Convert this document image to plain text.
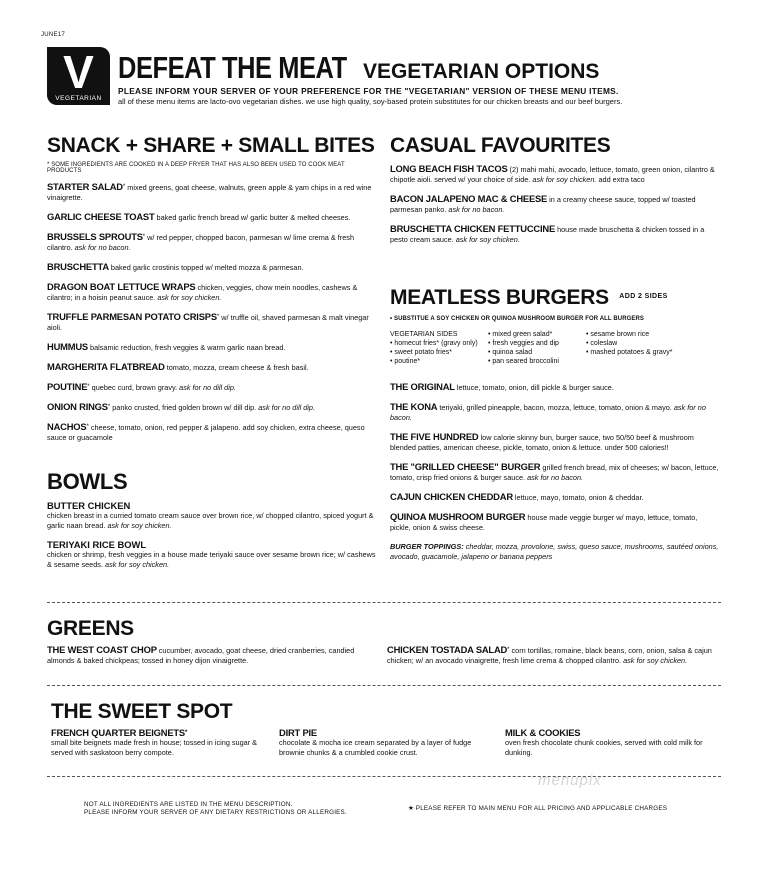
JUNE17
V
VEGETARIAN
DEFEAT THE MEAT VEGETARIAN OPTIONS
PLEASE INFORM YOUR SERVER OF YOUR PREFERENCE FOR THE "VEGETARIAN" VERSION OF THESE MENU ITEMS.
all of these menu items are lacto-ovo vegetarian dishes. we use high quality, soy-based protein substitutes for our chicken breasts and our beef burgers.
SNACK + SHARE + SMALL BITES
* SOME INGREDIENTS ARE COOKED IN A DEEP FRYER THAT HAS ALSO BEEN USED TO COOK MEAT PRODUCTS
STARTER SALAD* mixed greens, goat cheese, walnuts, green apple & yam chips in a red wine vinaigrette.
GARLIC CHEESE TOAST baked garlic french bread w/ garlic butter & melted cheeses.
BRUSSELS SPROUTS* w/ red pepper, chopped bacon, parmesan w/ lime crema & fresh cilantro. ask for no bacon.
BRUSCHETTA baked garlic crostinis topped w/ melted mozza & parmesan.
DRAGON BOAT LETTUCE WRAPS chicken, veggies, chow mein noodles, cashews & cilantro; in a hoisin peanut sauce. ask for soy chicken.
TRUFFLE PARMESAN POTATO CRISPS* w/ truffle oil, shaved parmesan & malt vinegar aioli.
HUMMUS balsamic reduction, fresh veggies & warm garlic naan bread.
MARGHERITA FLATBREAD tomato, mozza, cream cheese & fresh basil.
POUTINE* quebec curd, brown gravy. ask for no dill dip.
ONION RINGS* panko crusted, fried golden brown w/ dill dip. ask for no dill dip.
NACHOS* cheese, tomato, onion, red pepper & jalapeno. add soy chicken, extra cheese, queso sauce or guacamole
BOWLS
BUTTER CHICKEN
chicken breast in a curried tomato cream sauce over brown rice, w/ chopped cilantro, spiced yogurt & garlic naan bread. ask for soy chicken.
TERIYAKI RICE BOWL
chicken or shrimp, fresh veggies in a house made teriyaki sauce over sesame brown rice; w/ cashews & sesame seeds. ask for soy chicken.
CASUAL FAVOURITES
LONG BEACH FISH TACOS (2) mahi mahi, avocado, lettuce, tomato, green onion, cilantro & chipotle aioli. served w/ your choice of side. ask for soy chicken. add extra taco
BACON JALAPENO MAC & CHEESE in a creamy cheese sauce, topped w/ toasted parmesan panko. ask for no bacon.
BRUSCHETTA CHICKEN FETTUCCINE house made bruschetta & chicken tossed in a pesto cream sauce. ask for soy chicken.
MEATLESS BURGERS $^{ADD 2 SIDES}$
• SUBSTITUE A SOY CHICKEN OR QUINOA MUSHROOM BURGER FOR ALL BURGERS
VEGETARIAN SIDES
• homecut fries* (gravy only)
• sweet potato fries*
• poutine*
• mixed green salad*
• fresh veggies and dip
• quinoa salad
• pan seared broccolini
• sesame brown rice
• coleslaw
• mashed potatoes & gravy*
THE ORIGINAL lettuce, tomato, onion, dill pickle & burger sauce.
THE KONA teriyaki, grilled pineapple, bacon, mozza, lettuce, tomato, onion & mayo. ask for no bacon.
THE FIVE HUNDRED low calorie skinny bun, burger sauce, two 50/50 beef & mushroom blended patties, american cheese, pickle, tomato, onion & lettuce. under 500 calories!!
THE "GRILLED CHEESE" BURGER grilled french bread, mix of cheeses; w/ bacon, lettuce, tomato, crisp fried onions & burger sauce. ask for no bacon.
CAJUN CHICKEN CHEDDAR lettuce, mayo, tomato, onion & cheddar.
QUINOA MUSHROOM BURGER house made veggie burger w/ mayo, lettuce, tomato, pickle, onion & swiss cheese.
BURGER TOPPINGS: cheddar, mozza, provolone, swiss, queso sauce, mushrooms, sautéed onions, avocado, guacamole, jalapeno or banana peppers
GREENS
THE WEST COAST CHOP cucumber, avocado, goat cheese, dried cranberries, candied almonds & baked chickpeas; tossed in honey dijon vinaigrette.
CHICKEN TOSTADA SALAD* corn tortillas, romaine, black beans, corn, onion, salsa & cajun chicken; w/ an avocado vinaigrette, fresh lime crema & chopped cilantro. ask for soy chicken.
THE SWEET SPOT
FRENCH QUARTER BEIGNETS*
small bite beignets made fresh in house; tossed in icing sugar & served with saskatoon berry compote.
DIRT PIE
chocolate & mocha ice cream separated by a layer of fudge brownie chunks & a crumbled cookie crust.
MILK & COOKIES
oven fresh chocolate chunk cookies, served with cold milk for dunking.
menupix
NOT ALL INGREDIENTS ARE LISTED IN THE MENU DESCRIPTION.
PLEASE INFORM YOUR SERVER OF ANY DIETARY RESTRICTIONS OR ALLERGIES.
★ PLEASE REFER TO MAIN MENU FOR ALL PRICING AND APPLICABLE CHARGES
